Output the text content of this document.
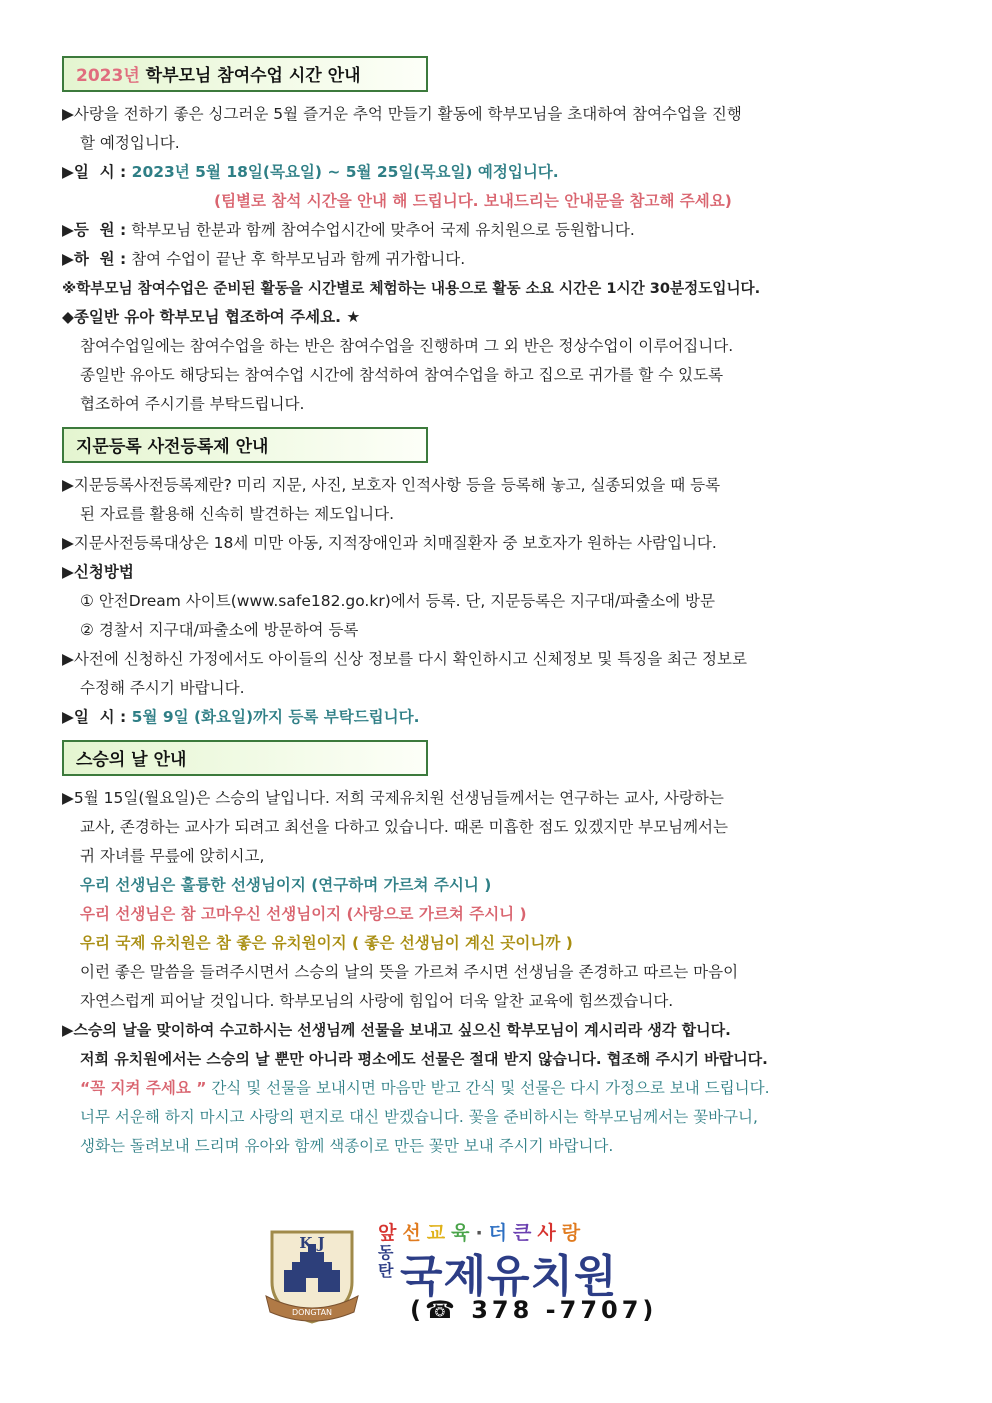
2023년 학부모님 참여수업 시간 안내
▶사랑을 전하기 좋은 싱그러운 5월 즐거운 추억 만들기 활동에 학부모님을 초대하여 참여수업을 진행
할 예정입니다.
▶일  시 : 2023년 5월 18일(목요일) ~ 5월 25일(목요일) 예정입니다.
(팀별로 참석 시간을 안내 해 드립니다. 보내드리는 안내문을 참고해 주세요)
▶등  원 : 학부모님 한분과 함께 참여수업시간에 맞추어 국제 유치원으로 등원합니다.
▶하  원 : 참여 수업이 끝난 후 학부모님과 함께 귀가합니다.
※학부모님 참여수업은 준비된 활동을 시간별로 체험하는 내용으로 활동 소요 시간은 1시간 30분정도입니다.
◆종일반 유아 학부모님 협조하여 주세요. ★
참여수업일에는 참여수업을 하는 반은 참여수업을 진행하며 그 외 반은 정상수업이 이루어집니다.
종일반 유아도 해당되는 참여수업 시간에 참석하여 참여수업을 하고 집으로 귀가를 할 수 있도록
협조하여 주시기를 부탁드립니다.
지문등록 사전등록제 안내
▶지문등록사전등록제란? 미리 지문, 사진, 보호자 인적사항 등을 등록해 놓고, 실종되었을 때 등록
된 자료를 활용해 신속히 발견하는 제도입니다.
▶지문사전등록대상은 18세 미만 아동, 지적장애인과 치매질환자 중 보호자가 원하는 사람입니다.
▶신청방법
① 안전Dream 사이트(www.safe182.go.kr)에서 등록. 단, 지문등록은 지구대/파출소에 방문
② 경찰서 지구대/파출소에 방문하여 등록
▶사전에 신청하신 가정에서도 아이들의 신상 정보를 다시 확인하시고 신체정보 및 특징을 최근 정보로
수정해 주시기 바랍니다.
▶일  시 : 5월 9일 (화요일)까지 등록 부탁드립니다.
스승의 날 안내
▶5월 15일(월요일)은 스승의 날입니다. 저희 국제유치원 선생님들께서는 연구하는 교사, 사랑하는
교사, 존경하는 교사가 되려고 최선을 다하고 있습니다. 때론 미흡한 점도 있겠지만 부모님께서는
귀 자녀를 무릎에 앉히시고,
우리 선생님은 훌륭한 선생님이지 (연구하며 가르쳐 주시니 )
우리 선생님은 참 고마우신 선생님이지 (사랑으로 가르쳐 주시니 )
우리 국제 유치원은 참 좋은 유치원이지 ( 좋은 선생님이 계신 곳이니까 )
이런 좋은 말씀을 들려주시면서 스승의 날의 뜻을 가르쳐 주시면 선생님을 존경하고 따르는 마음이
자연스럽게 피어날 것입니다. 학부모님의 사랑에 힘입어 더욱 알찬 교육에 힘쓰겠습니다.
▶스승의 날을 맞이하여 수고하시는 선생님께 선물을 보내고 싶으신 학부모님이 계시리라 생각 합니다.
저희 유치원에서는 스승의 날 뿐만 아니라 평소에도 선물은 절대 받지 않습니다. 협조해 주시기 바랍니다.
“꼭 지켜 주세요 ” 간식 및 선물을 보내시면 마음만 받고 간식 및 선물은 다시 가정으로 보내 드립니다.
너무 서운해 하지 마시고 사랑의 편지로 대신 받겠습니다. 꽃을 준비하시는 학부모님께서는 꽃바구니,
생화는 돌려보내 드리며 유아와 함께 색종이로 만든 꽃만 보내 주시기 바랍니다.
DONGTAN
K J	앞선교육·더큰사랑
동
탄 국제유치원
(☎ 378 -7707)
